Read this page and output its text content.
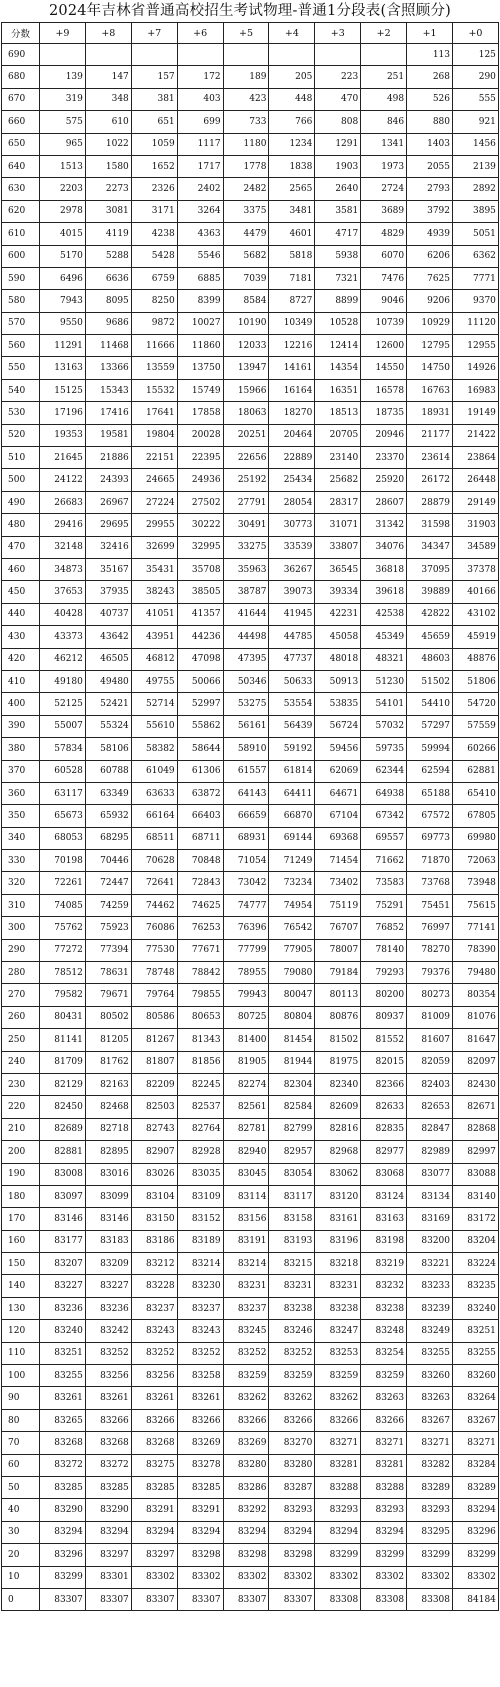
2024年吉林省普通高校招生考试物理-普通1分段表(含照顾分)
分数	+9	+8	+7	+6	+5	+4	+3	+2	+1	+0
690									113	125
680	139	147	157	172	189	205	223	251	268	290
670	319	348	381	403	423	448	470	498	526	555
660	575	610	651	699	733	766	808	846	880	921
650	965	1022	1059	1117	1180	1234	1291	1341	1403	1456
640	1513	1580	1652	1717	1778	1838	1903	1973	2055	2139
630	2203	2273	2326	2402	2482	2565	2640	2724	2793	2892
620	2978	3081	3171	3264	3375	3481	3581	3689	3792	3895
610	4015	4119	4238	4363	4479	4601	4717	4829	4939	5051
600	5170	5288	5428	5546	5682	5818	5938	6070	6206	6362
590	6496	6636	6759	6885	7039	7181	7321	7476	7625	7771
580	7943	8095	8250	8399	8584	8727	8899	9046	9206	9370
570	9550	9686	9872	10027	10190	10349	10528	10739	10929	11120
560	11291	11468	11666	11860	12033	12216	12414	12600	12795	12955
550	13163	13366	13559	13750	13947	14161	14354	14550	14750	14926
540	15125	15343	15532	15749	15966	16164	16351	16578	16763	16983
530	17196	17416	17641	17858	18063	18270	18513	18735	18931	19149
520	19353	19581	19804	20028	20251	20464	20705	20946	21177	21422
510	21645	21886	22151	22395	22656	22889	23140	23370	23614	23864
500	24122	24393	24665	24936	25192	25434	25682	25920	26172	26448
490	26683	26967	27224	27502	27791	28054	28317	28607	28879	29149
480	29416	29695	29955	30222	30491	30773	31071	31342	31598	31903
470	32148	32416	32699	32995	33275	33539	33807	34076	34347	34589
460	34873	35167	35431	35708	35963	36267	36545	36818	37095	37378
450	37653	37935	38243	38505	38787	39073	39334	39618	39889	40166
440	40428	40737	41051	41357	41644	41945	42231	42538	42822	43102
430	43373	43642	43951	44236	44498	44785	45058	45349	45659	45919
420	46212	46505	46812	47098	47395	47737	48018	48321	48603	48876
410	49180	49480	49755	50066	50346	50633	50913	51230	51502	51806
400	52125	52421	52714	52997	53275	53554	53835	54101	54410	54720
390	55007	55324	55610	55862	56161	56439	56724	57032	57297	57559
380	57834	58106	58382	58644	58910	59192	59456	59735	59994	60266
370	60528	60788	61049	61306	61557	61814	62069	62344	62594	62881
360	63117	63349	63633	63872	64143	64411	64671	64938	65188	65410
350	65673	65932	66164	66403	66659	66870	67104	67342	67572	67805
340	68053	68295	68511	68711	68931	69144	69368	69557	69773	69980
330	70198	70446	70628	70848	71054	71249	71454	71662	71870	72063
320	72261	72447	72641	72843	73042	73234	73402	73583	73768	73948
310	74085	74259	74462	74625	74777	74954	75119	75291	75451	75615
300	75762	75923	76086	76253	76396	76542	76707	76852	76997	77141
290	77272	77394	77530	77671	77799	77905	78007	78140	78270	78390
280	78512	78631	78748	78842	78955	79080	79184	79293	79376	79480
270	79582	79671	79764	79855	79943	80047	80113	80200	80273	80354
260	80431	80502	80586	80653	80725	80804	80876	80937	81009	81076
250	81141	81205	81267	81343	81400	81454	81502	81552	81607	81647
240	81709	81762	81807	81856	81905	81944	81975	82015	82059	82097
230	82129	82163	82209	82245	82274	82304	82340	82366	82403	82430
220	82450	82468	82503	82537	82561	82584	82609	82633	82653	82671
210	82689	82718	82743	82764	82781	82799	82816	82835	82847	82868
200	82881	82895	82907	82928	82940	82957	82968	82977	82989	82997
190	83008	83016	83026	83035	83045	83054	83062	83068	83077	83088
180	83097	83099	83104	83109	83114	83117	83120	83124	83134	83140
170	83146	83146	83150	83152	83156	83158	83161	83163	83169	83172
160	83177	83183	83186	83189	83191	83193	83196	83198	83200	83204
150	83207	83209	83212	83214	83214	83215	83218	83219	83221	83224
140	83227	83227	83228	83230	83231	83231	83231	83232	83233	83235
130	83236	83236	83237	83237	83237	83238	83238	83238	83239	83240
120	83240	83242	83243	83243	83245	83246	83247	83248	83249	83251
110	83251	83252	83252	83252	83252	83252	83253	83254	83255	83255
100	83255	83256	83256	83258	83259	83259	83259	83259	83260	83260
90	83261	83261	83261	83261	83262	83262	83262	83263	83263	83264
80	83265	83266	83266	83266	83266	83266	83266	83266	83267	83267
70	83268	83268	83268	83269	83269	83270	83271	83271	83271	83271
60	83272	83272	83275	83278	83280	83280	83281	83281	83282	83284
50	83285	83285	83285	83285	83286	83287	83288	83288	83289	83289
40	83290	83290	83291	83291	83292	83293	83293	83293	83293	83294
30	83294	83294	83294	83294	83294	83294	83294	83294	83295	83296
20	83296	83297	83297	83298	83298	83298	83299	83299	83299	83299
10	83299	83301	83302	83302	83302	83302	83302	83302	83302	83302
0	83307	83307	83307	83307	83307	83307	83308	83308	83308	84184
